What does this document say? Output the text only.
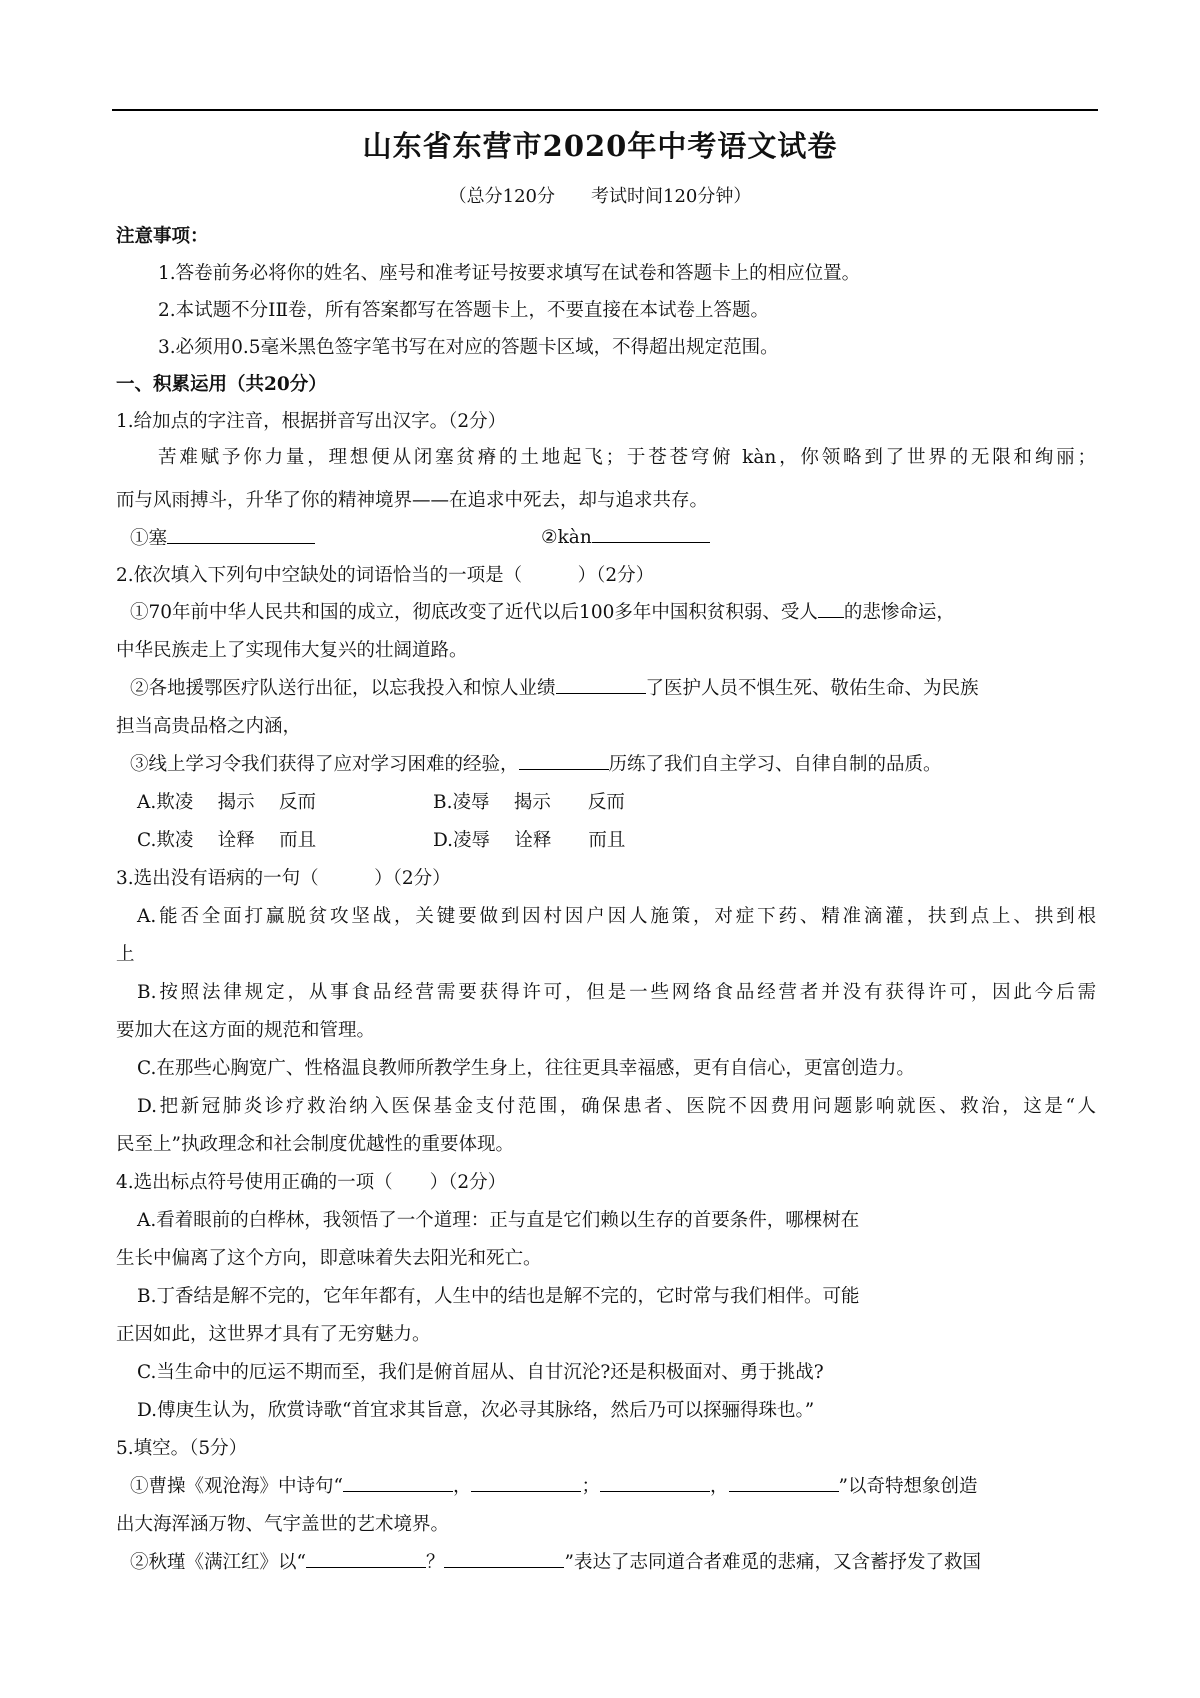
山东省东营市2020年中考语文试卷
（总分120分　　考试时间120分钟）
注意事项：
1.答卷前务必将你的姓名、座号和准考证号按要求填写在试卷和答题卡上的相应位置。
2.本试题不分ⅠⅡ卷，所有答案都写在答题卡上，不要直接在本试卷上答题。
3.必须用0.5毫米黑色签字笔书写在对应的答题卡区域，不得超出规定范围。
一、积累运用（共20分）
1.给加点的字注音，根据拼音写出汉字。（2分）
苦难赋予你力量，理想便从闭塞贫瘠的土地起飞；于苍苍穹俯 kàn，你领略到了世界的无限和绚丽；
而与风雨搏斗，升华了你的精神境界——在追求中死去，却与追求共存。
①塞	②kàn
2.依次填入下列句中空缺处的词语恰当的一项是（　　　）（2分）
①70年前中华人民共和国的成立，彻底改变了近代以后100多年中国积贫积弱、受人 的悲惨命运，
中华民族走上了实现伟大复兴的壮阔道路。
②各地援鄂医疗队送行出征，以忘我投入和惊人业绩	了医护人员不惧生死、敬佑生命、为民族
担当高贵品格之内涵，
③线上学习令我们获得了应对学习困难的经验，	历练了我们自主学习、自律自制的品质。
A.欺凌　 揭示　 反而	B.凌辱　 揭示　　反而
C.欺凌　 诠释　 而且	D.凌辱　 诠释　　而且
3.选出没有语病的一句（　　　）（2分）
A.能否全面打赢脱贫攻坚战，关键要做到因村因户因人施策，对症下药、精准滴灌，扶到点上、拱到根
上
B.按照法律规定，从事食品经营需要获得许可，但是一些网络食品经营者并没有获得许可，因此今后需
要加大在这方面的规范和管理。
C.在那些心胸宽广、性格温良教师所教学生身上，往往更具幸福感，更有自信心，更富创造力。
D.把新冠肺炎诊疗救治纳入医保基金支付范围，确保患者、医院不因费用问题影响就医、救治，这是“人
民至上”执政理念和社会制度优越性的重要体现。
4.选出标点符号使用正确的一项（　　）（2分）
A.看着眼前的白桦林，我领悟了一个道理：正与直是它们赖以生存的首要条件，哪棵树在
生长中偏离了这个方向，即意味着失去阳光和死亡。
B.丁香结是解不完的，它年年都有，人生中的结也是解不完的，它时常与我们相伴。可能
正因如此，这世界才具有了无穷魅力。
C.当生命中的厄运不期而至，我们是俯首屈从、自甘沉沦?还是积极面对、勇于挑战?
D.傅庚生认为，欣赏诗歌“首宜求其旨意，次必寻其脉络，然后乃可以探骊得珠也。”
5.填空。（5分）
①曹操《观沧海》中诗句“	，	；	，	”以奇特想象创造
出大海浑涵万物、气宇盖世的艺术境界。
②秋瑾《满江红》以“	？	”表达了志同道合者难觅的悲痛，又含蓄抒发了救国
